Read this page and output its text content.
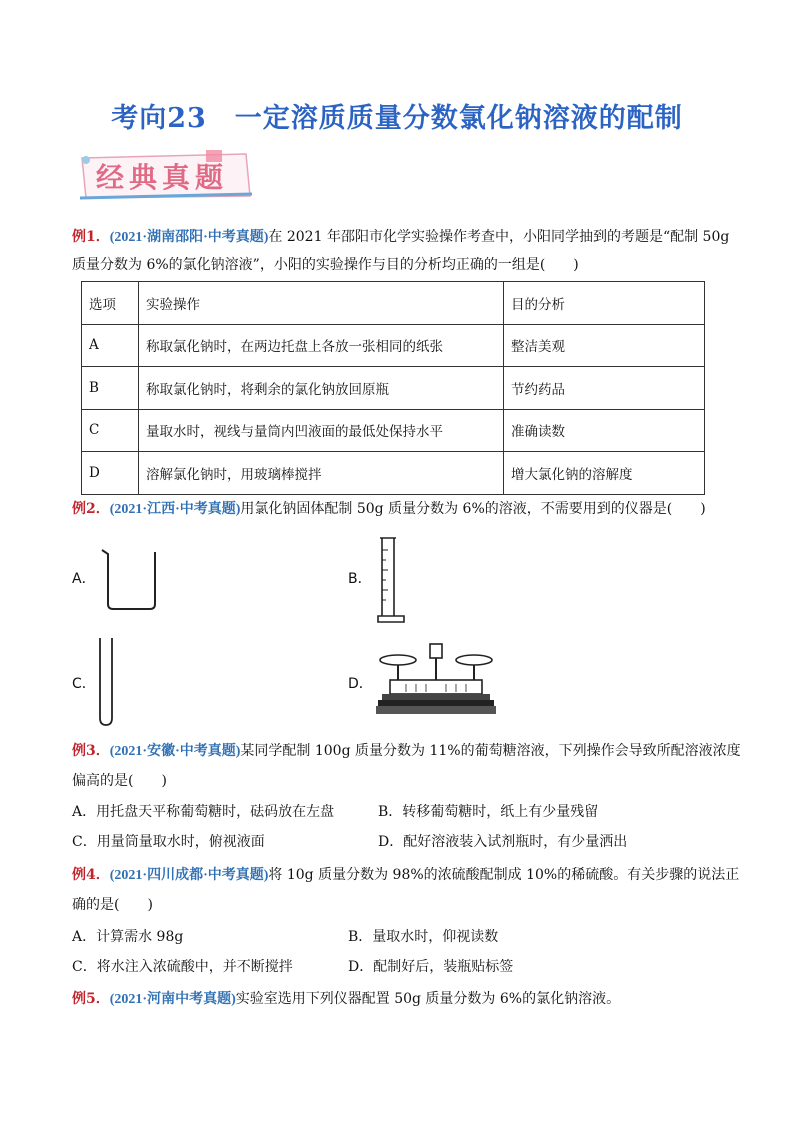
考向23　一定溶质质量分数氯化钠溶液的配制
经典真题
例1．(2021·湖南邵阳·中考真题)在 2021 年邵阳市化学实验操作考查中，小阳同学抽到的考题是“配制 50g
质量分数为 6%的氯化钠溶液”，小阳的实验操作与目的分析均正确的一组是(　　)
选项	实验操作	目的分析
A	称取氯化钠时，在两边托盘上各放一张相同的纸张	整洁美观
B	称取氯化钠时，将剩余的氯化钠放回原瓶	节约药品
C	量取水时，视线与量筒内凹液面的最低处保持水平	准确读数
D	溶解氯化钠时，用玻璃棒搅拌	增大氯化钠的溶解度
例2．(2021·江西·中考真题)用氯化钠固体配制 50g 质量分数为 6%的溶液，不需要用到的仪器是(　　)
A．	B．
C．	D．
例3．(2021·安徽·中考真题)某同学配制 100g 质量分数为 11%的葡萄糖溶液，下列操作会导致所配溶液浓度
偏高的是(　　)
A．用托盘天平称葡萄糖时，砝码放在左盘	B．转移葡萄糖时，纸上有少量残留
C．用量筒量取水时，俯视液面	D．配好溶液装入试剂瓶时，有少量洒出
例4．(2021·四川成都·中考真题)将 10g 质量分数为 98%的浓硫酸配制成 10%的稀硫酸。有关步骤的说法正
确的是(　　)
A．计算需水 98g	B．量取水时，仰视读数
C．将水注入浓硫酸中，并不断搅拌	D．配制好后，装瓶贴标签
例5．(2021·河南中考真题)实验室选用下列仪器配置 50g 质量分数为 6%的氯化钠溶液。
